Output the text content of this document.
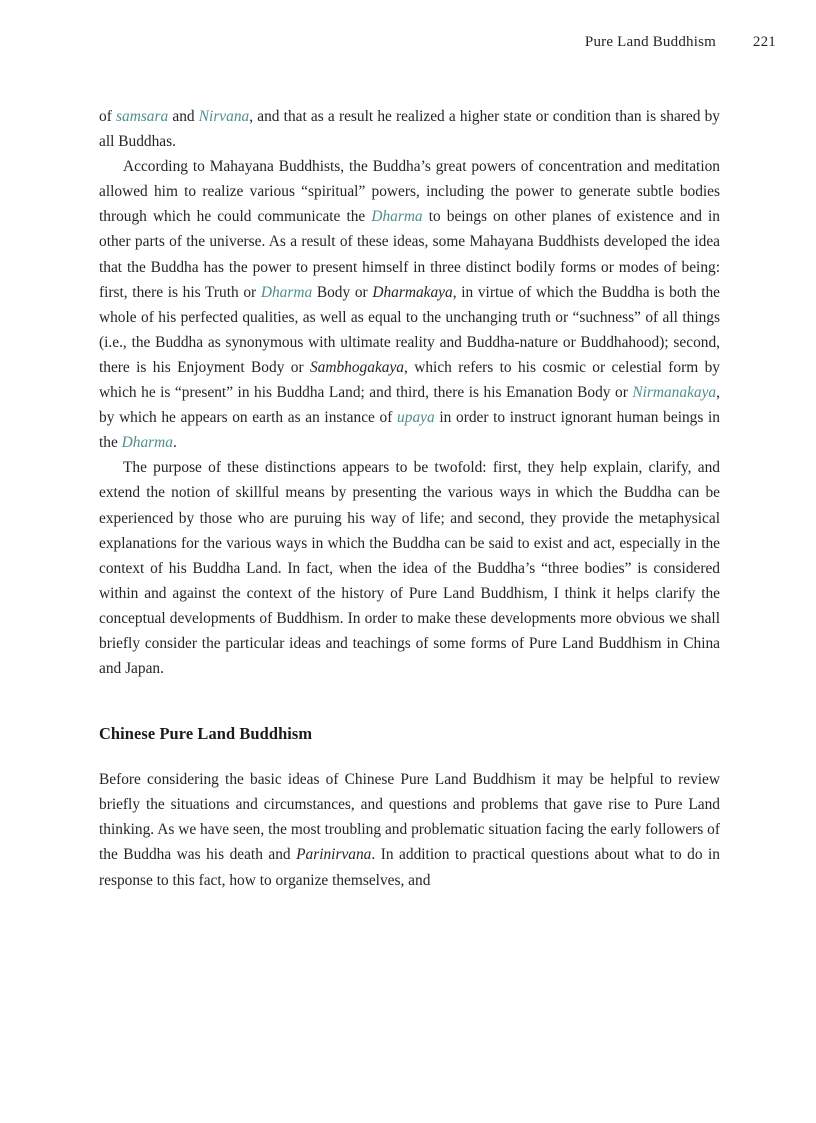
Pure Land Buddhism	221

of samsara and Nirvana, and that as a result he realized a higher state or condition than is shared by all Buddhas.

According to Mahayana Buddhists, the Buddha’s great powers of concentration and meditation allowed him to realize various “spiritual” powers, including the power to generate subtle bodies through which he could communicate the Dharma to beings on other planes of existence and in other parts of the universe. As a result of these ideas, some Mahayana Buddhists developed the idea that the Buddha has the power to present himself in three distinct bodily forms or modes of being: first, there is his Truth or Dharma Body or Dharmakaya, in virtue of which the Buddha is both the whole of his perfected qualities, as well as equal to the unchanging truth or “suchness” of all things (i.e., the Buddha as synonymous with ultimate reality and Buddha-nature or Buddhahood); second, there is his Enjoyment Body or Sambhogakaya, which refers to his cosmic or celestial form by which he is “present” in his Buddha Land; and third, there is his Emanation Body or Nirmanakaya, by which he appears on earth as an instance of upaya in order to instruct ignorant human beings in the Dharma.

The purpose of these distinctions appears to be twofold: first, they help explain, clarify, and extend the notion of skillful means by presenting the various ways in which the Buddha can be experienced by those who are puruing his way of life; and second, they provide the metaphysical explanations for the various ways in which the Buddha can be said to exist and act, especially in the context of his Buddha Land. In fact, when the idea of the Buddha’s “three bodies” is considered within and against the context of the history of Pure Land Buddhism, I think it helps clarify the conceptual developments of Buddhism. In order to make these developments more obvious we shall briefly consider the particular ideas and teachings of some forms of Pure Land Buddhism in China and Japan.

Chinese Pure Land Buddhism

Before considering the basic ideas of Chinese Pure Land Buddhism it may be helpful to review briefly the situations and circumstances, and questions and problems that gave rise to Pure Land thinking. As we have seen, the most troubling and problematic situation facing the early followers of the Buddha was his death and Parinirvana. In addition to practical questions about what to do in response to this fact, how to organize themselves, and
